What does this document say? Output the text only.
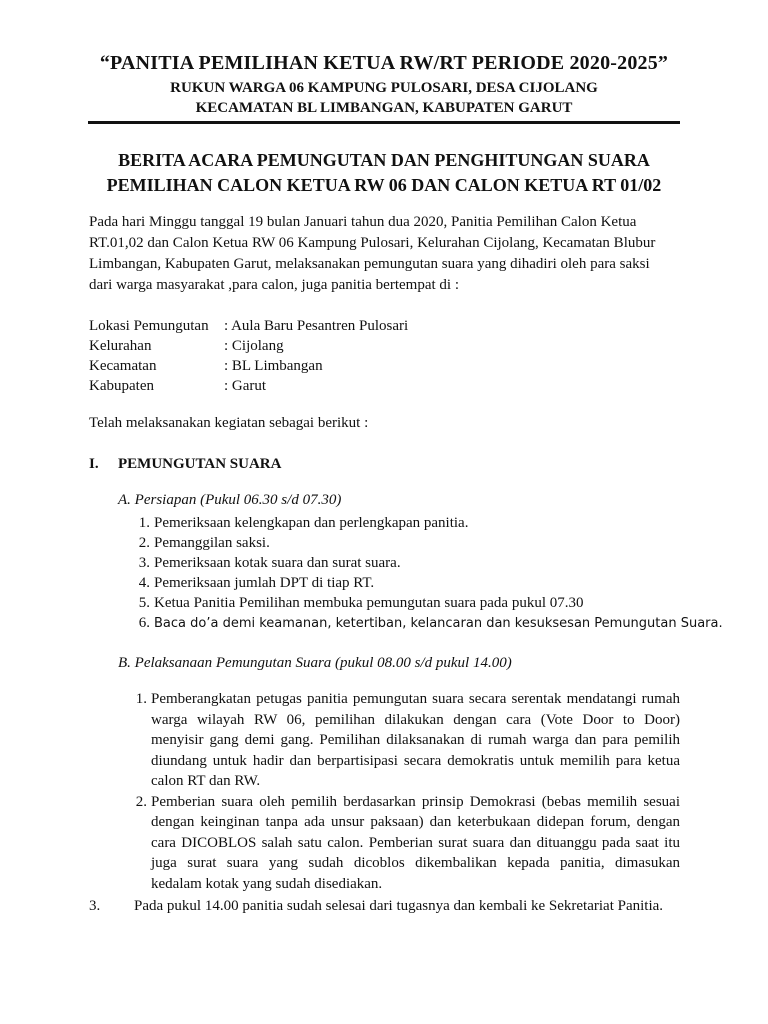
“PANITIA PEMILIHAN KETUA RW/RT PERIODE 2020-2025”
RUKUN WARGA 06 KAMPUNG PULOSARI, DESA CIJOLANG
KECAMATAN BL LIMBANGAN, KABUPATEN GARUT
BERITA ACARA PEMUNGUTAN DAN PENGHITUNGAN SUARA
PEMILIHAN CALON KETUA RW 06 DAN CALON KETUA RT 01/02
Pada hari Minggu tanggal 19 bulan Januari tahun dua 2020, Panitia Pemilihan Calon Ketua
RT.01,02 dan Calon Ketua RW 06 Kampung Pulosari, Kelurahan Cijolang, Kecamatan Blubur
Limbangan, Kabupaten Garut, melaksanakan pemungutan suara yang dihadiri oleh para saksi
dari warga masyarakat ,para calon, juga panitia bertempat di :
Lokasi Pemungutan : Aula Baru Pesantren Pulosari
Kelurahan	: Cijolang
Kecamatan	: BL Limbangan
Kabupaten	: Garut
Telah melaksanakan kegiatan sebagai berikut :
I. PEMUNGUTAN SUARA
A. Persiapan (Pukul 06.30 s/d 07.30)
1. Pemeriksaan kelengkapan dan perlengkapan panitia.
2. Pemanggilan saksi.
3. Pemeriksaan kotak suara dan surat suara.
4. Pemeriksaan jumlah DPT di tiap RT.
5. Ketua Panitia Pemilihan membuka pemungutan suara pada pukul 07.30
6. Baca do’a demi keamanan, ketertiban, kelancaran dan kesuksesan Pemungutan Suara.
B. Pelaksanaan Pemungutan Suara (pukul 08.00 s/d pukul 14.00)
1. Pemberangkatan petugas panitia pemungutan suara secara serentak mendatangi rumah
warga wilayah RW 06, pemilihan dilakukan dengan cara (Vote Door to Door)
menyisir gang demi gang. Pemilihan dilaksanakan di rumah warga dan para pemilih
diundang untuk hadir dan berpartisipasi secara demokratis untuk memilih para ketua
calon RT dan RW.
2. Pemberian suara oleh pemilih berdasarkan prinsip Demokrasi (bebas memilih sesuai
dengan keinginan tanpa ada unsur paksaan) dan keterbukaan didepan forum, dengan
cara DICOBLOS salah satu calon. Pemberian surat suara dan dituanggu pada saat itu
juga surat suara yang sudah dicoblos dikembalikan kepada panitia, dimasukan
kedalam kotak yang sudah disediakan.
3. Pada pukul 14.00 panitia sudah selesai dari tugasnya dan kembali ke Sekretariat Panitia.
